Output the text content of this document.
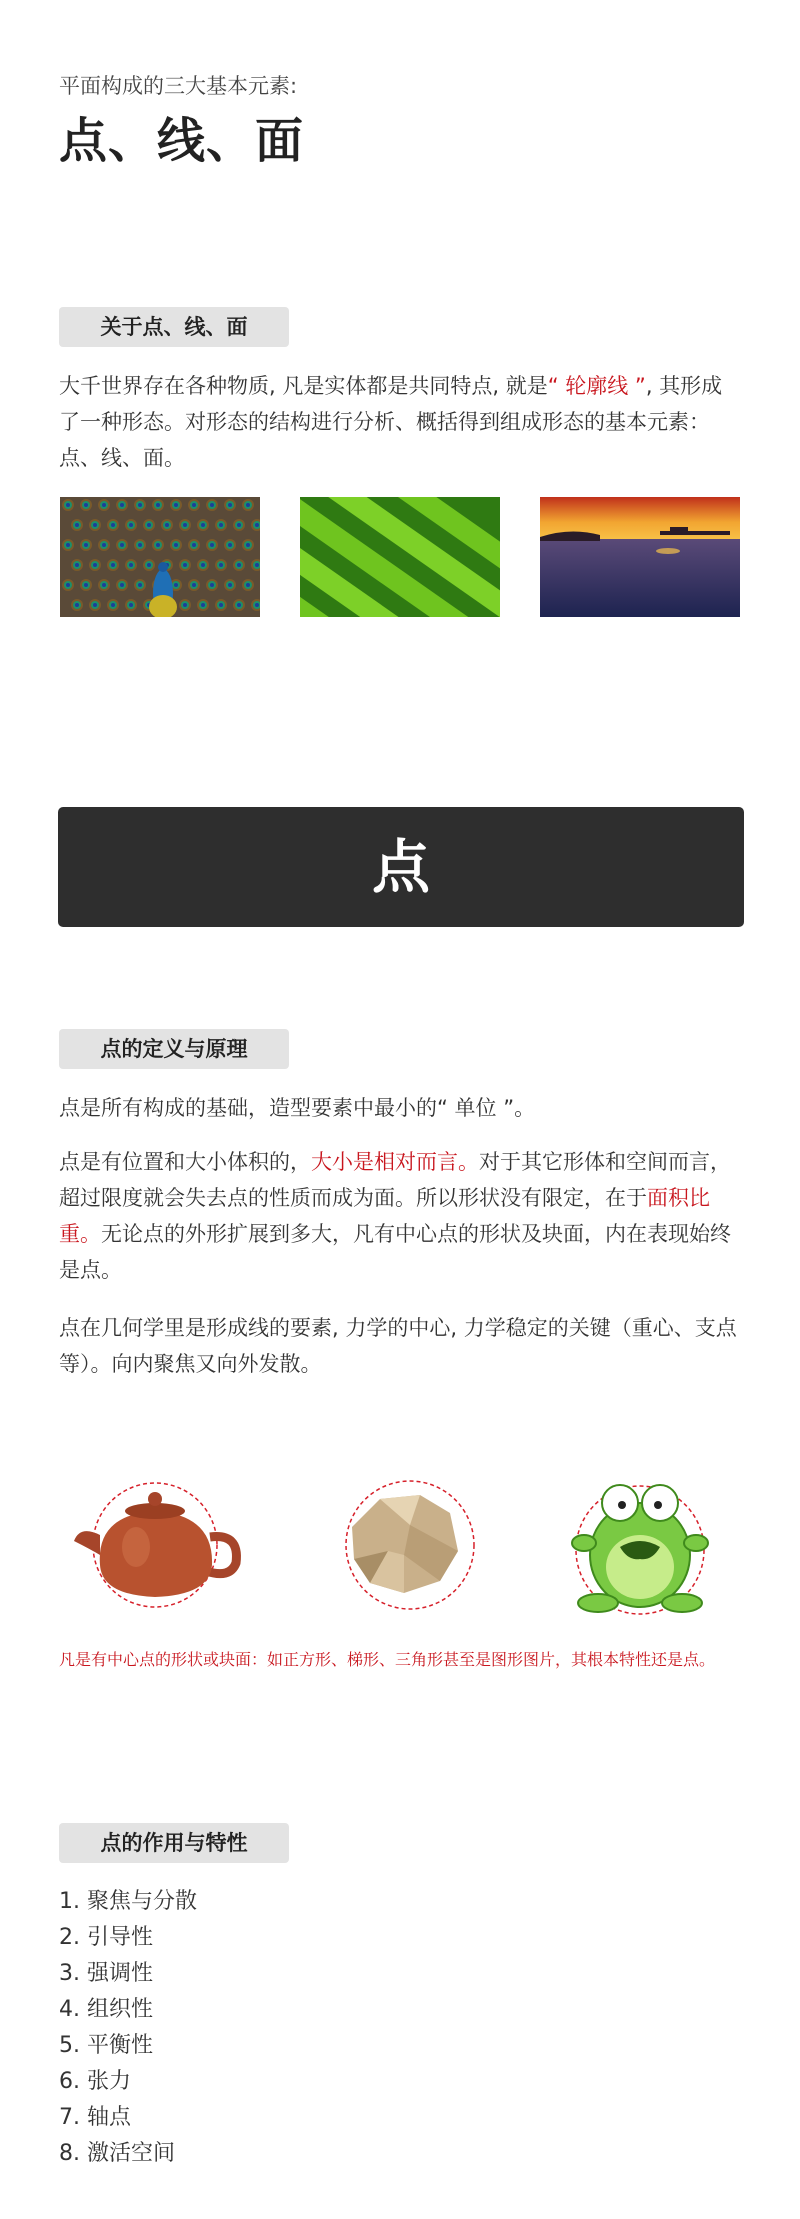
平面构成的三大基本元素:
点、线、面
关于点、线、面
大千世界存在各种物质, 凡是实体都是共同特点, 就是“ 轮廓线 ”, 其形成了一种形态。对形态的结构进行分析、概括得到组成形态的基本元素：点、线、面。
点
点的定义与原理
点是所有构成的基础，造型要素中最小的“ 单位 ”。
点是有位置和大小体积的，大小是相对而言。对于其它形体和空间而言，超过限度就会失去点的性质而成为面。所以形状没有限定，在于面积比重。无论点的外形扩展到多大，凡有中心点的形状及块面，内在表现始终是点。
点在几何学里是形成线的要素, 力学的中心, 力学稳定的关键（重心、支点等）。向内聚焦又向外发散。
凡是有中心点的形状或块面：如正方形、梯形、三角形甚至是图形图片，其根本特性还是点。
点的作用与特性
1. 聚焦与分散
2. 引导性
3. 强调性
4. 组织性
5. 平衡性
6. 张力
7. 轴点
8. 激活空间
